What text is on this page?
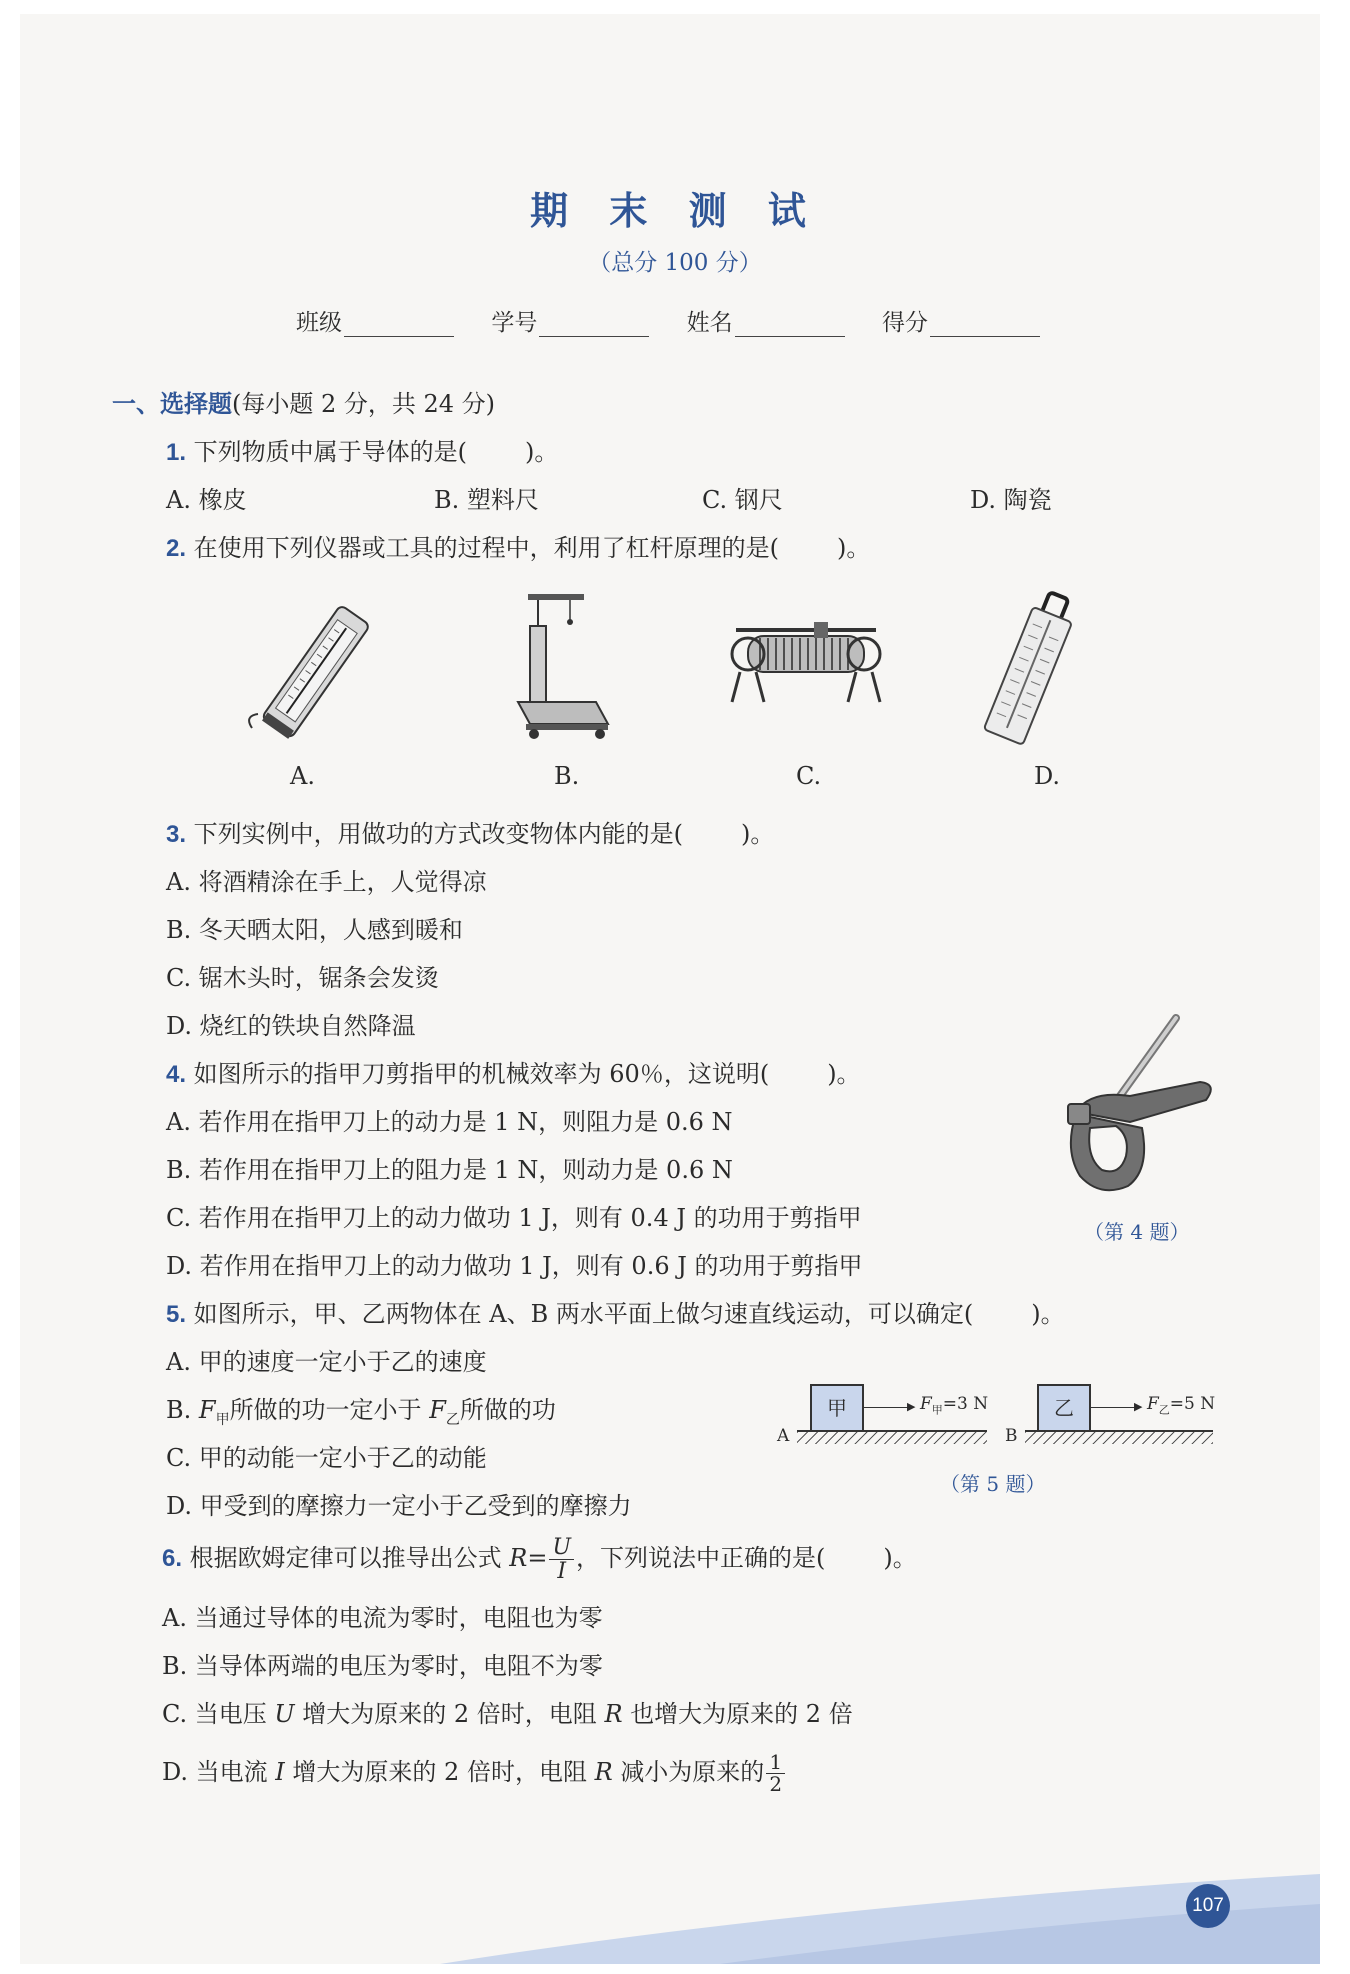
期 末 测 试
（总分 100 分）
班级	学号	姓名	得分
一、选择题(每小题 2 分，共 24 分)
1. 下列物质中属于导体的是( )。
A. 橡皮	B. 塑料尺	C. 钢尺	D. 陶瓷
2. 在使用下列仪器或工具的过程中，利用了杠杆原理的是( )。
A.	B.	C.	D.
3. 下列实例中，用做功的方式改变物体内能的是( )。
A. 将酒精涂在手上，人觉得凉
B. 冬天晒太阳，人感到暖和
C. 锯木头时，锯条会发烫
D. 烧红的铁块自然降温
4. 如图所示的指甲刀剪指甲的机械效率为 60％，这说明( )。
A. 若作用在指甲刀上的动力是 1 N，则阻力是 0.6 N
B. 若作用在指甲刀上的阻力是 1 N，则动力是 0.6 N
C. 若作用在指甲刀上的动力做功 1 J，则有 0.4 J 的功用于剪指甲
D. 若作用在指甲刀上的动力做功 1 J，则有 0.6 J 的功用于剪指甲
（第 4 题）
5. 如图所示，甲、乙两物体在 A、B 两水平面上做匀速直线运动，可以确定( )。
A. 甲的速度一定小于乙的速度
B. $F_甲$所做的功一定小于 $F_乙$所做的功
C. 甲的动能一定小于乙的动能
D. 甲受到的摩擦力一定小于乙受到的摩擦力
甲	▶ $F_甲=3$ N
A
乙	▶ $F_乙=5$ N
B
（第 5 题）
6. 根据欧姆定律可以推导出公式 $R= \frac{U}{I}$ ，下列说法中正确的是( )。
A. 当通过导体的电流为零时，电阻也为零
B. 当导体两端的电压为零时，电阻不为零
C. 当电压 U 增大为原来的 2 倍时，电阻 R 也增大为原来的 2 倍
D. 当电流 I 增大为原来的 2 倍时，电阻 R 减小为原来的 $\frac{1}{2}$
107
